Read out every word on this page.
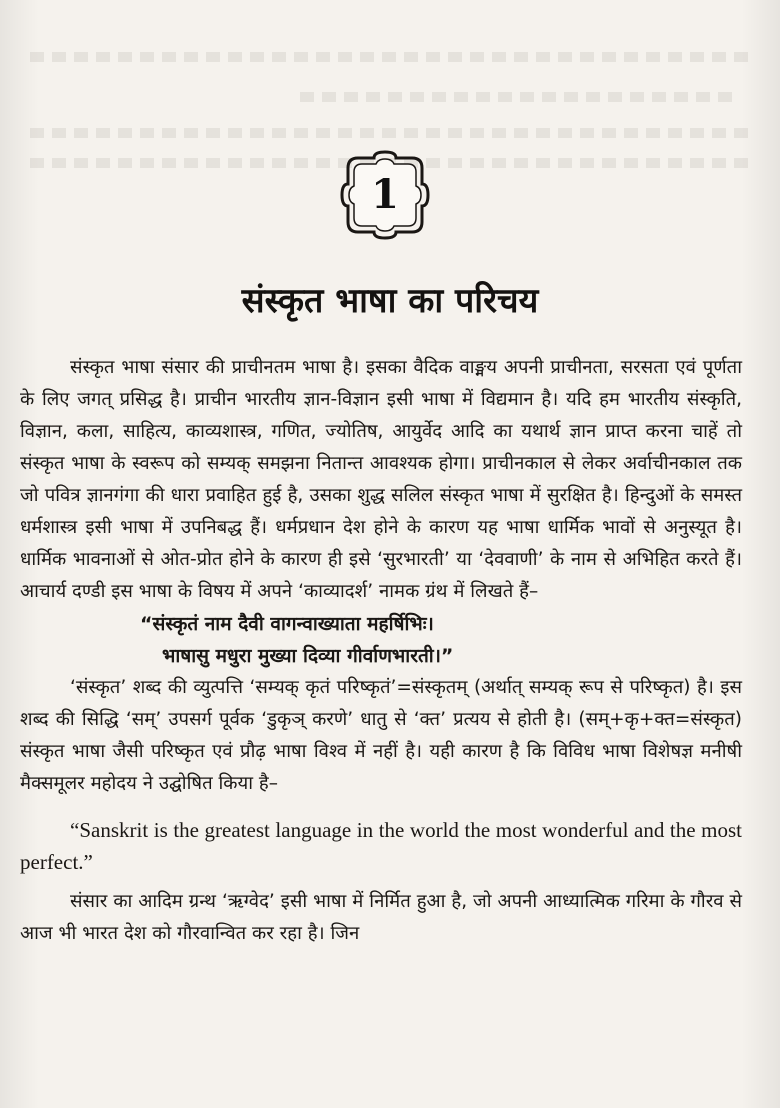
1
संस्कृत भाषा का परिचय

संस्कृत भाषा संसार की प्राचीनतम भाषा है। इसका वैदिक वाङ्मय अपनी प्राचीनता, सरसता एवं पूर्णता के लिए जगत् प्रसिद्ध है। प्राचीन भारतीय ज्ञान-विज्ञान इसी भाषा में विद्यमान है। यदि हम भारतीय संस्कृति, विज्ञान, कला, साहित्य, काव्यशास्त्र, गणित, ज्योतिष, आयुर्वेद आदि का यथार्थ ज्ञान प्राप्त करना चाहें तो संस्कृत भाषा के स्वरूप को सम्यक् समझना नितान्त आवश्यक होगा। प्राचीनकाल से लेकर अर्वाचीनकाल तक जो पवित्र ज्ञानगंगा की धारा प्रवाहित हुई है, उसका शुद्ध सलिल संस्कृत भाषा में सुरक्षित है। हिन्दुओं के समस्त धर्मशास्त्र इसी भाषा में उपनिबद्ध हैं। धर्मप्रधान देश होने के कारण यह भाषा धार्मिक भावों से अनुस्यूत है। धार्मिक भावनाओं से ओत-प्रोत होने के कारण ही इसे ‘सुरभारती’ या ‘देववाणी’ के नाम से अभिहित करते हैं। आचार्य दण्डी इस भाषा के विषय में अपने ‘काव्यादर्श’ नामक ग्रंथ में लिखते हैं–

“संस्कृतं नाम दैवी वागन्वाख्याता महर्षिभिः।

भाषासु मधुरा मुख्या दिव्या गीर्वाणभारती।”

‘संस्कृत’ शब्द की व्युत्पत्ति ‘सम्यक् कृतं परिष्कृतं’=संस्कृतम् (अर्थात् सम्यक् रूप से परिष्कृत) है। इस शब्द की सिद्धि ‘सम्’ उपसर्ग पूर्वक ‘डुकृञ् करणे’ धातु से ‘क्त’ प्रत्यय से होती है। (सम्+कृ+क्त=संस्कृत) संस्कृत भाषा जैसी परिष्कृत एवं प्रौढ़ भाषा विश्व में नहीं है। यही कारण है कि विविध भाषा विशेषज्ञ मनीषी मैक्समूलर महोदय ने उद्घोषित किया है–

“Sanskrit is the greatest language in the world the most wonderful and the most perfect.”

संसार का आदिम ग्रन्थ ‘ऋग्वेद’ इसी भाषा में निर्मित हुआ है, जो अपनी आध्यात्मिक गरिमा के गौरव से आज भी भारत देश को गौरवान्वित कर रहा है। जिन
